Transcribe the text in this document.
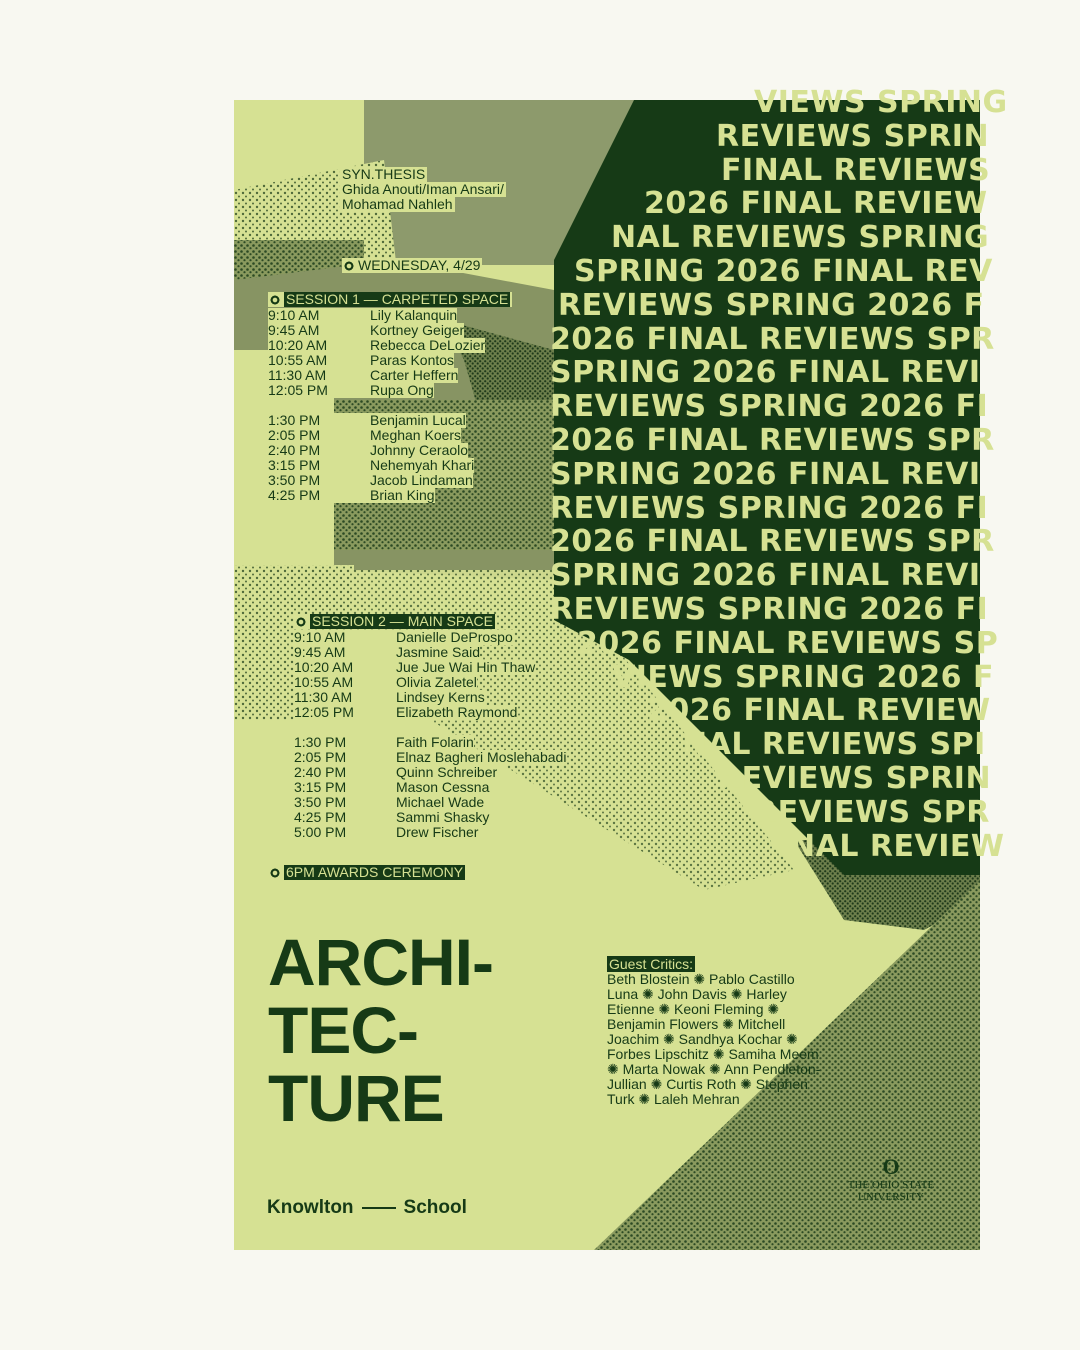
VIEWS SPRING
REVIEWS SPRIN
FINAL REVIEWS
2026 FINAL REVIEW
NAL REVIEWS SPRING
SPRING 2026 FINAL REV
REVIEWS SPRING 2026 F
2026 FINAL REVIEWS SPR
SPRING 2026 FINAL REVI
REVIEWS SPRING 2026 FI
2026 FINAL REVIEWS SPR
SPRING 2026 FINAL REVI
REVIEWS SPRING 2026 FI
2026 FINAL REVIEWS SPR
SPRING 2026 FINAL REVI
REVIEWS SPRING 2026 FI
2026 FINAL REVIEWS SP
VIEWS SPRING 2026 F
2026 FINAL REVIEW
NAL REVIEWS SPI
REVIEWS SPRIN
REVIEWS SPR
NAL REVIEW
SYN.THESIS
Ghida Anouti/Iman Ansari/
Mohamad Nahleh
WEDNESDAY, 4/29
SESSION 1 — CARPETED SPACE
9:10 AM	Lily Kalanquin
9:45 AM	Kortney Geiger
10:20 AM	Rebecca DeLozier
10:55 AM	Paras Kontos
11:30 AM	Carter Heffern
12:05 PM	Rupa Ong
1:30 PM	Benjamin Lucal
2:05 PM	Meghan Koers
2:40 PM	Johnny Ceraolo
3:15 PM	Nehemyah Khari
3:50 PM	Jacob Lindaman
4:25 PM	Brian King
SESSION 2 — MAIN SPACE
9:10 AM	Danielle DeProspo
9:45 AM	Jasmine Said
10:20 AM	Jue Jue Wai Hin Thaw
10:55 AM	Olivia Zaletel
11:30 AM	Lindsey Kerns
12:05 PM	Elizabeth Raymond
1:30 PM	Faith Folarin
2:05 PM	Elnaz Bagheri Moslehabadi
2:40 PM	Quinn Schreiber
3:15 PM	Mason Cessna
3:50 PM	Michael Wade
4:25 PM	Sammi Shasky
5:00 PM	Drew Fischer
6PM AWARDS CEREMONY
ARCHI-
TEC-
TURE
Knowlton	School
Guest Critics:
Beth Blostein ✺ Pablo Castillo Luna ✺ John Davis ✺ Harley Etienne ✺ Keoni Fleming ✺ Benjamin Flowers ✺ Mitchell Joachim ✺ Sandhya Kochar ✺ Forbes Lipschitz ✺ Samiha Meem ✺ Marta Nowak ✺ Ann Pendleton-Jullian ✺ Curtis Roth ✺ Stephen Turk ✺ Laleh Mehran
O
THE OHIO STATE
UNIVERSITY
